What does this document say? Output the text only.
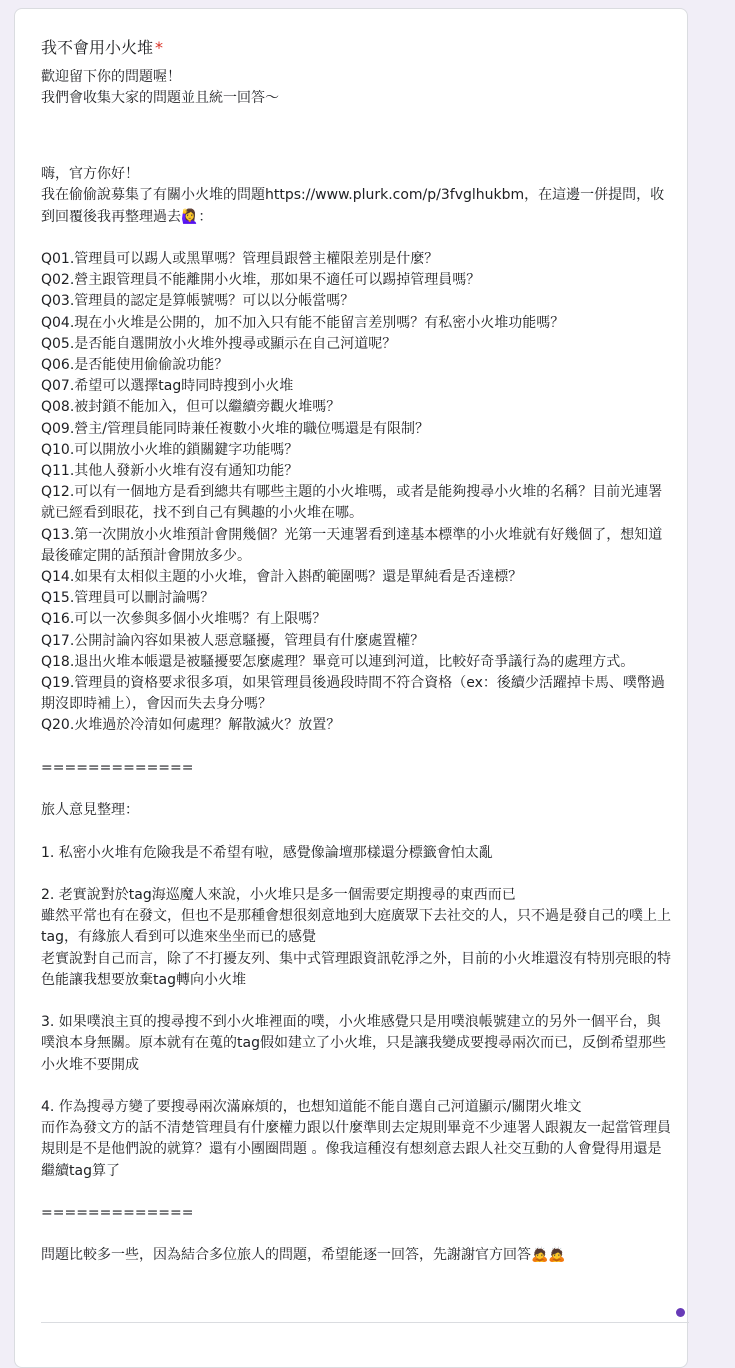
我不會用小火堆 *
歡迎留下你的問題喔！
我們會收集大家的問題並且統一回答～

嗨，官方你好！

我在偷偷說募集了有關小火堆的問題https://www.plurk.com/p/3fvglhukbm，在這邊一併提問，收到回覆後我再整理過去🙋‍♀️：

Q01.管理員可以踢人或黑單嗎？管理員跟營主權限差別是什麼？

Q02.營主跟管理員不能離開小火堆，那如果不適任可以踢掉管理員嗎？

Q03.管理員的認定是算帳號嗎？可以以分帳當嗎？

Q04.現在小火堆是公開的，加不加入只有能不能留言差別嗎？有私密小火堆功能嗎？

Q05.是否能自選開放小火堆外搜尋或顯示在自己河道呢？

Q06.是否能使用偷偷說功能？

Q07.希望可以選擇tag時同時搜到小火堆

Q08.被封鎖不能加入，但可以繼續旁觀火堆嗎？

Q09.營主/管理員能同時兼任複數小火堆的職位嗎還是有限制？

Q10.可以開放小火堆的鎖關鍵字功能嗎？

Q11.其他人發新小火堆有沒有通知功能？

Q12.可以有一個地方是看到總共有哪些主題的小火堆嗎，或者是能夠搜尋小火堆的名稱？目前光連署就已經看到眼花，找不到自己有興趣的小火堆在哪。

Q13.第一次開放小火堆預計會開幾個？光第一天連署看到達基本標準的小火堆就有好幾個了，想知道最後確定開的話預計會開放多少。

Q14.如果有太相似主題的小火堆，會計入斟酌範圍嗎？還是單純看是否達標？

Q15.管理員可以刪討論嗎？

Q16.可以一次參與多個小火堆嗎？有上限嗎？

Q17.公開討論內容如果被人惡意騷擾，管理員有什麼處置權？

Q18.退出火堆本帳還是被騷擾要怎麼處理？畢竟可以連到河道，比較好奇爭議行為的處理方式。

Q19.管理員的資格要求很多項，如果管理員後過段時間不符合資格（ex：後續少活躍掉卡馬、噗幣過期沒即時補上），會因而失去身分嗎？

Q20.火堆過於冷清如何處理？解散滅火？放置？

=============

旅人意見整理：

1. 私密小火堆有危險我是不希望有啦，感覺像論壇那樣還分標籤會怕太亂

2. 老實說對於tag海巡魔人來說，小火堆只是多一個需要定期搜尋的東西而已

雖然平常也有在發文，但也不是那種會想很刻意地到大庭廣眾下去社交的人，只不過是發自己的噗上上tag，有緣旅人看到可以進來坐坐而已的感覺

老實說對自己而言，除了不打擾友列、集中式管理跟資訊乾淨之外，目前的小火堆還沒有特別亮眼的特色能讓我想要放棄tag轉向小火堆

3. 如果噗浪主頁的搜尋搜不到小火堆裡面的噗，小火堆感覺只是用噗浪帳號建立的另外一個平台，與噗浪本身無關。原本就有在蒐的tag假如建立了小火堆，只是讓我變成要搜尋兩次而已，反倒希望那些小火堆不要開成

4. 作為搜尋方變了要搜尋兩次滿麻煩的，也想知道能不能自選自己河道顯示/關閉火堆文

而作為發文方的話不清楚管理員有什麼權力跟以什麼準則去定規則畢竟不少連署人跟親友一起當管理員規則是不是他們說的就算？還有小團圈問題 。像我這種沒有想刻意去跟人社交互動的人會覺得用還是繼續tag算了

=============

問題比較多一些，因為結合多位旅人的問題，希望能逐一回答，先謝謝官方回答🙇🙇
